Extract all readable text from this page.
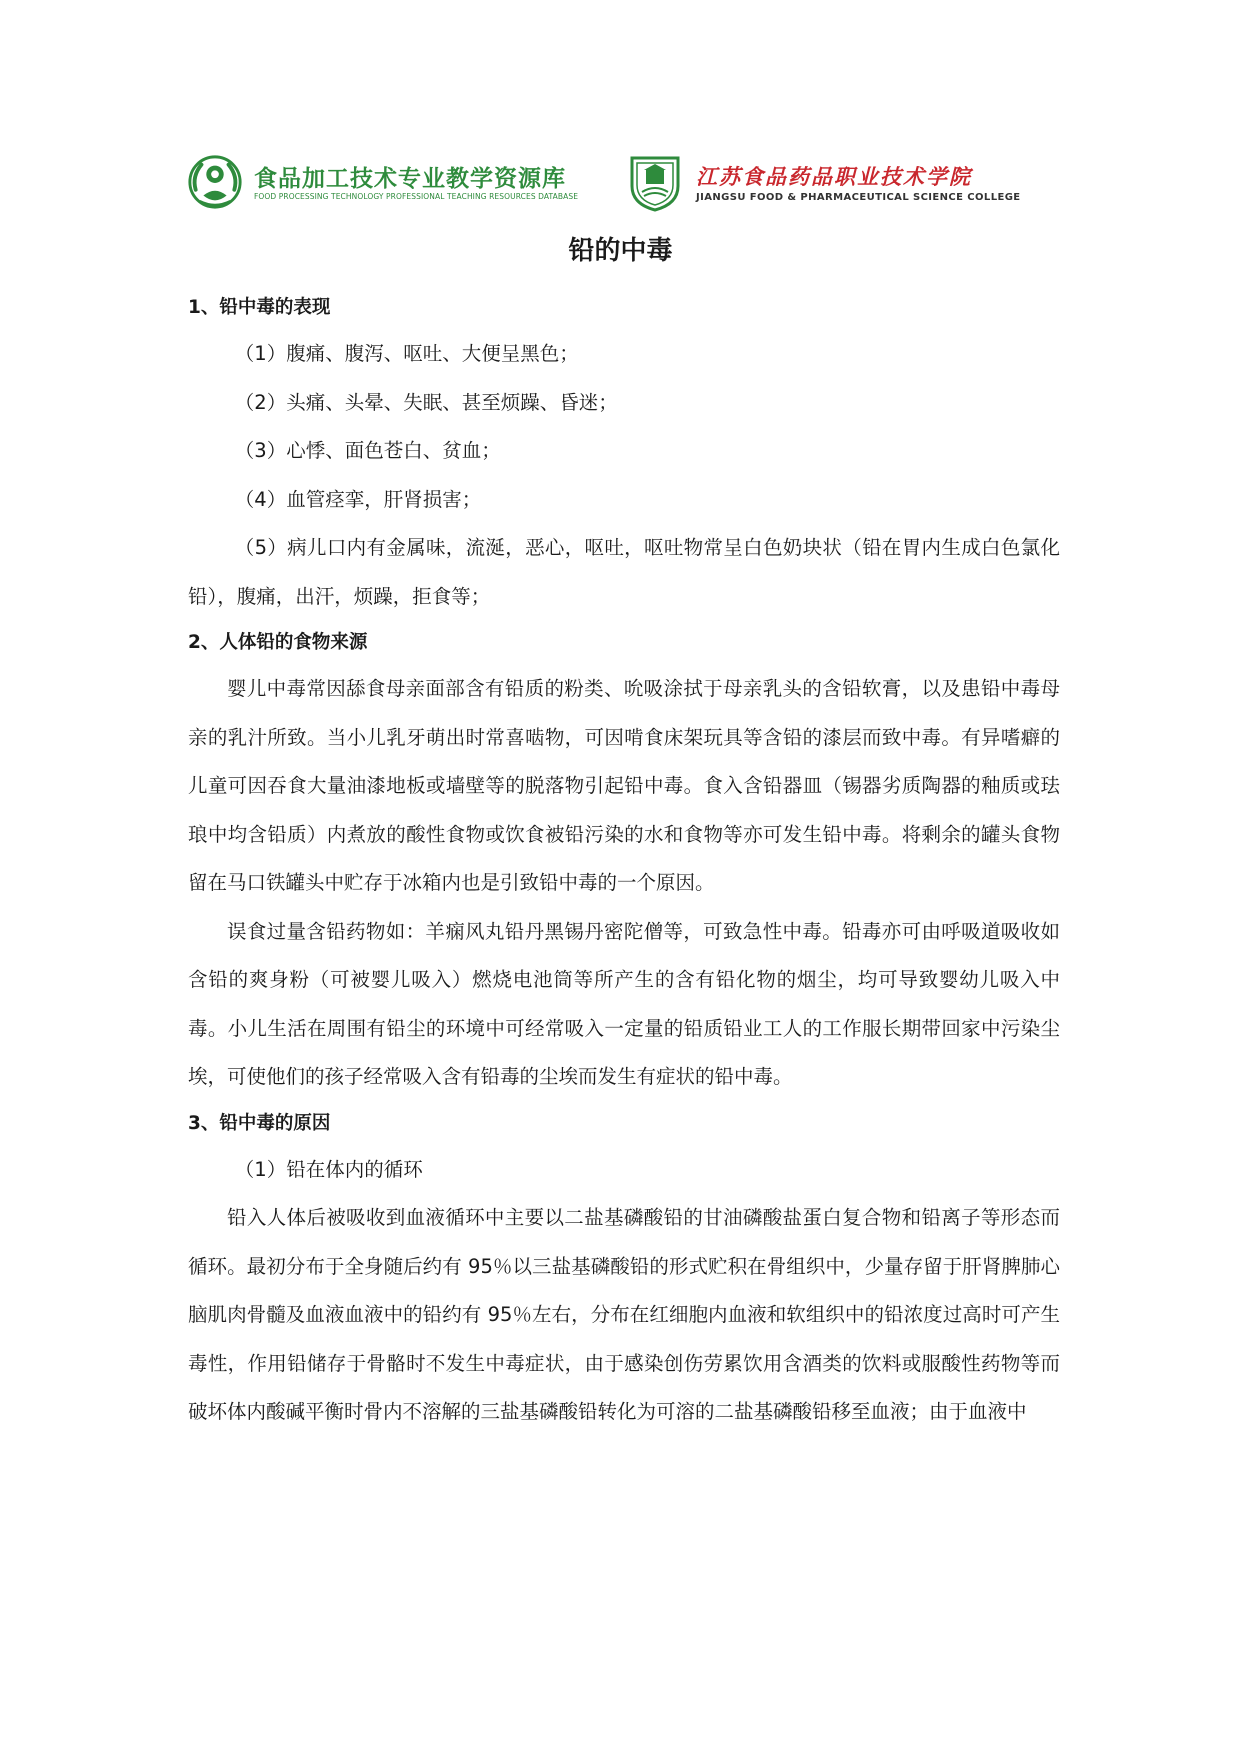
食品加工技术专业教学资源库
FOOD PROCESSING TECHNOLOGY PROFESSIONAL TEACHING RESOURCES DATABASE
江苏食品药品职业技术学院
JIANGSU FOOD & PHARMACEUTICAL SCIENCE COLLEGE
铅的中毒

1、铅中毒的表现

（1）腹痛、腹泻、呕吐、大便呈黑色；

（2）头痛、头晕、失眠、甚至烦躁、昏迷；

（3）心悸、面色苍白、贫血；

（4）血管痉挛，肝肾损害；

（5）病儿口内有金属味，流涎，恶心，呕吐，呕吐物常呈白色奶块状（铅在胃内生成白色氯化铅），腹痛，出汗，烦躁，拒食等；

2、人体铅的食物来源

婴儿中毒常因舔食母亲面部含有铅质的粉类、吮吸涂拭于母亲乳头的含铅软膏，以及患铅中毒母亲的乳汁所致。当小儿乳牙萌出时常喜啮物，可因啃食床架玩具等含铅的漆层而致中毒。有异嗜癖的儿童可因吞食大量油漆地板或墙壁等的脱落物引起铅中毒。食入含铅器皿（锡器劣质陶器的釉质或珐琅中均含铅质）内煮放的酸性食物或饮食被铅污染的水和食物等亦可发生铅中毒。将剩余的罐头食物留在马口铁罐头中贮存于冰箱内也是引致铅中毒的一个原因。

误食过量含铅药物如：羊痫风丸铅丹黑锡丹密陀僧等，可致急性中毒。铅毒亦可由呼吸道吸收如含铅的爽身粉（可被婴儿吸入）燃烧电池筒等所产生的含有铅化物的烟尘，均可导致婴幼儿吸入中毒。小儿生活在周围有铅尘的环境中可经常吸入一定量的铅质铅业工人的工作服长期带回家中污染尘埃，可使他们的孩子经常吸入含有铅毒的尘埃而发生有症状的铅中毒。

3、铅中毒的原因

（1）铅在体内的循环

铅入人体后被吸收到血液循环中主要以二盐基磷酸铅的甘油磷酸盐蛋白复合物和铅离子等形态而循环。最初分布于全身随后约有 95％以三盐基磷酸铅的形式贮积在骨组织中，少量存留于肝肾脾肺心脑肌肉骨髓及血液血液中的铅约有 95％左右，分布在红细胞内血液和软组织中的铅浓度过高时可产生毒性，作用铅储存于骨骼时不发生中毒症状，由于感染创伤劳累饮用含酒类的饮料或服酸性药物等而破坏体内酸碱平衡时骨内不溶解的三盐基磷酸铅转化为可溶的二盐基磷酸铅移至血液；由于血液中
